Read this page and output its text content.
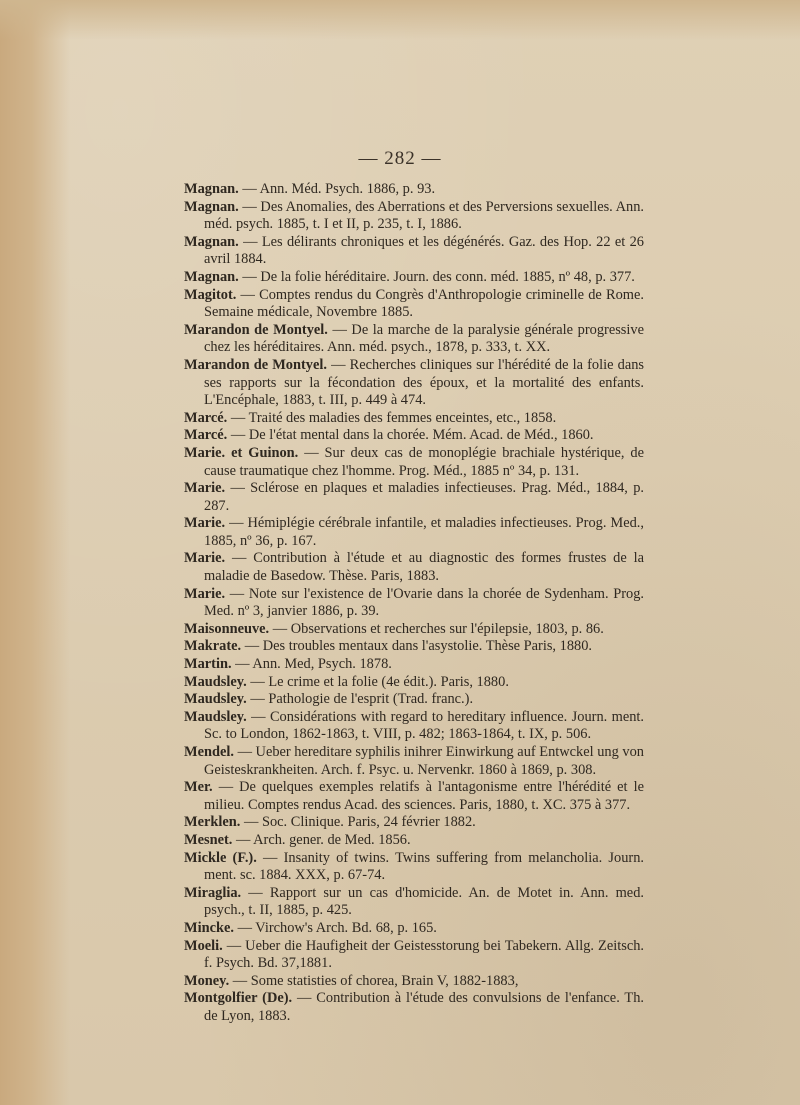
— 282 —
Magnan. — Ann. Méd. Psych. 1886, p. 93.
Magnan. — Des Anomalies, des Aberrations et des Perversions sexuelles. Ann. méd. psych. 1885, t. I et II, p. 235, t. I, 1886.
Magnan. — Les délirants chroniques et les dégénérés. Gaz. des Hop. 22 et 26 avril 1884.
Magnan. — De la folie héréditaire. Journ. des conn. méd. 1885, nº 48, p. 377.
Magitot. — Comptes rendus du Congrès d'Anthropologie criminelle de Rome. Semaine médicale, Novembre 1885.
Marandon de Montyel. — De la marche de la paralysie générale progressive chez les héréditaires. Ann. méd. psych., 1878, p. 333, t. XX.
Marandon de Montyel. — Recherches cliniques sur l'hérédité de la folie dans ses rapports sur la fécondation des époux, et la mortalité des enfants. L'Encéphale, 1883, t. III, p. 449 à 474.
Marcé. — Traité des maladies des femmes enceintes, etc., 1858.
Marcé. — De l'état mental dans la chorée. Mém. Acad. de Méd., 1860.
Marie. et Guinon. — Sur deux cas de monoplégie brachiale hystérique, de cause traumatique chez l'homme. Prog. Méd., 1885 nº 34, p. 131.
Marie. — Sclérose en plaques et maladies infectieuses. Prag. Méd., 1884, p. 287.
Marie. — Hémiplégie cérébrale infantile, et maladies infectieuses. Prog. Med., 1885, nº 36, p. 167.
Marie. — Contribution à l'étude et au diagnostic des formes frustes de la maladie de Basedow. Thèse. Paris, 1883.
Marie. — Note sur l'existence de l'Ovarie dans la chorée de Sydenham. Prog. Med. nº 3, janvier 1886, p. 39.
Maisonneuve. — Observations et recherches sur l'épilepsie, 1803, p. 86.
Makrate. — Des troubles mentaux dans l'asystolie. Thèse Paris, 1880.
Martin. — Ann. Med, Psych. 1878.
Maudsley. — Le crime et la folie (4e édit.). Paris, 1880.
Maudsley. — Pathologie de l'esprit (Trad. franc.).
Maudsley. — Considérations with regard to hereditary influence. Journ. ment. Sc. to London, 1862-1863, t. VIII, p. 482; 1863-1864, t. IX, p. 506.
Mendel. — Ueber hereditare syphilis inihrer Einwirkung auf Entwckel ung von Geisteskrankheiten. Arch. f. Psyc. u. Nervenkr. 1860 à 1869, p. 308.
Mer. — De quelques exemples relatifs à l'antagonisme entre l'hérédité et le milieu. Comptes rendus Acad. des sciences. Paris, 1880, t. XC. 375 à 377.
Merklen. — Soc. Clinique. Paris, 24 février 1882.
Mesnet. — Arch. gener. de Med. 1856.
Mickle (F.). — Insanity of twins. Twins suffering from melancholia. Journ. ment. sc. 1884. XXX, p. 67-74.
Miraglia. — Rapport sur un cas d'homicide. An. de Motet in. Ann. med. psych., t. II, 1885, p. 425.
Mincke. — Virchow's Arch. Bd. 68, p. 165.
Moeli. — Ueber die Haufigheit der Geistesstorung bei Tabekern. Allg. Zeitsch. f. Psych. Bd. 37,1881.
Money. — Some statisties of chorea, Brain V, 1882-1883,
Montgolfier (De). — Contribution à l'étude des convulsions de l'enfance. Th. de Lyon, 1883.
